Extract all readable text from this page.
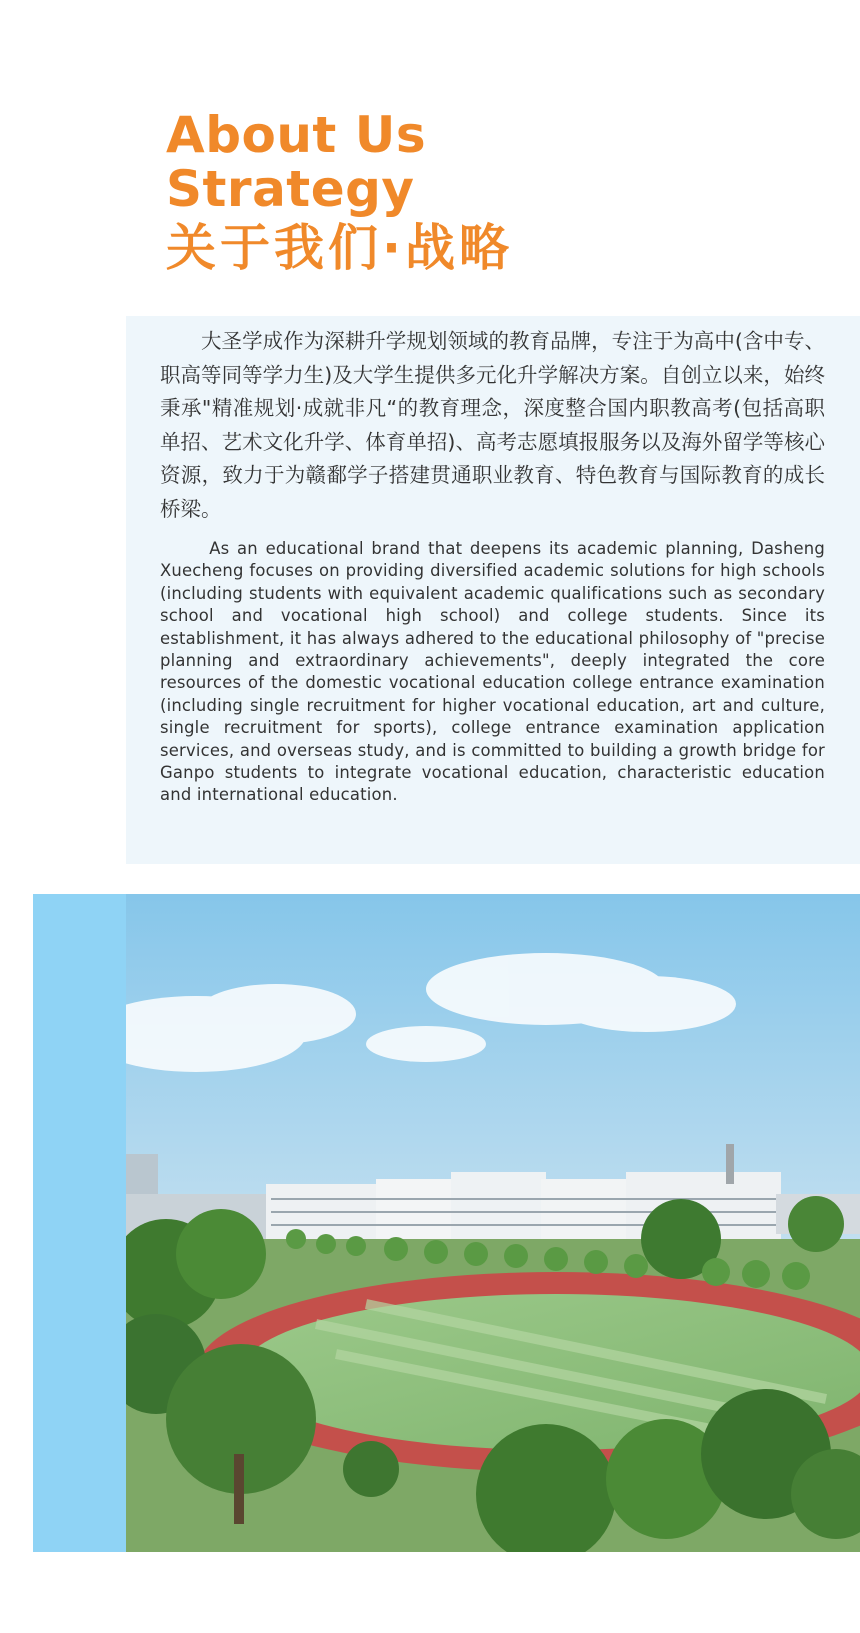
About Us
Strategy
关于我们·战略

大圣学成作为深耕升学规划领域的教育品牌，专注于为高中(含中专、职高等同等学力生)及大学生提供多元化升学解决方案。自创立以来，始终秉承"精准规划·成就非凡“的教育理念，深度整合国内职教高考(包括高职单招、艺术文化升学、体育单招)、高考志愿填报服务以及海外留学等核心资源，致力于为赣鄱学子搭建贯通职业教育、特色教育与国际教育的成长桥梁。

As an educational brand that deepens its academic planning, Dasheng Xuecheng focuses on providing diversified academic solutions for high schools (including students with equivalent academic qualifications such as secondary school and vocational high school) and college students. Since its establishment, it has always adhered to the educational philosophy of "precise planning and extraordinary achievements", deeply integrated the core resources of the domestic vocational education college entrance examination (including single recruitment for higher vocational education, art and culture, single recruitment for sports), college entrance examination application services, and overseas study, and is committed to building a growth bridge for Ganpo students to integrate vocational education, characteristic education and international education.
